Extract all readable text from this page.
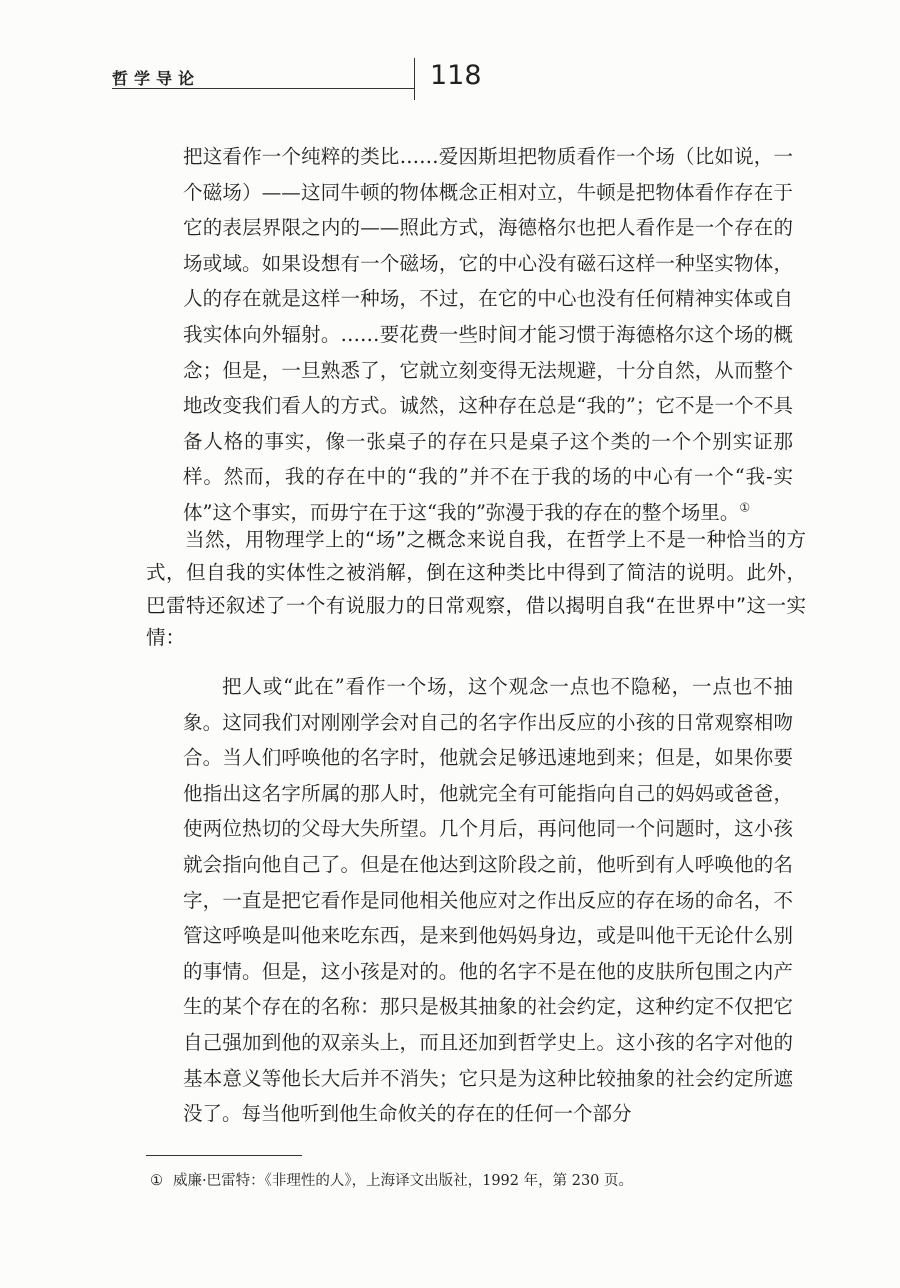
哲学导论	118
把这看作一个纯粹的类比……爱因斯坦把物质看作一个场（比如说，一个磁场）——这同牛顿的物体概念正相对立，牛顿是把物体看作存在于它的表层界限之内的——照此方式，海德格尔也把人看作是一个存在的场或域。如果设想有一个磁场，它的中心没有磁石这样一种坚实物体，人的存在就是这样一种场，不过，在它的中心也没有任何精神实体或自我实体向外辐射。……要花费一些时间才能习惯于海德格尔这个场的概念；但是，一旦熟悉了，它就立刻变得无法规避，十分自然，从而整个地改变我们看人的方式。诚然，这种存在总是“我的”；它不是一个不具备人格的事实，像一张桌子的存在只是桌子这个类的一个个别实证那样。然而，我的存在中的“我的”并不在于我的场的中心有一个“我-实体”这个事实，而毋宁在于这“我的”弥漫于我的存在的整个场里。①
当然，用物理学上的“场”之概念来说自我，在哲学上不是一种恰当的方式，但自我的实体性之被消解，倒在这种类比中得到了简洁的说明。此外，巴雷特还叙述了一个有说服力的日常观察，借以揭明自我“在世界中”这一实情：
把人或“此在”看作一个场，这个观念一点也不隐秘，一点也不抽象。这同我们对刚刚学会对自己的名字作出反应的小孩的日常观察相吻合。当人们呼唤他的名字时，他就会足够迅速地到来；但是，如果你要他指出这名字所属的那人时，他就完全有可能指向自己的妈妈或爸爸，使两位热切的父母大失所望。几个月后，再问他同一个问题时，这小孩就会指向他自己了。但是在他达到这阶段之前，他听到有人呼唤他的名字，一直是把它看作是同他相关他应对之作出反应的存在场的命名，不管这呼唤是叫他来吃东西，是来到他妈妈身边，或是叫他干无论什么别的事情。但是，这小孩是对的。他的名字不是在他的皮肤所包围之内产生的某个存在的名称：那只是极其抽象的社会约定，这种约定不仅把它自己强加到他的双亲头上，而且还加到哲学史上。这小孩的名字对他的基本意义等他长大后并不消失；它只是为这种比较抽象的社会约定所遮没了。每当他听到他生命攸关的存在的任何一个部分
① 威廉·巴雷特：《非理性的人》，上海译文出版社，1992 年，第 230 页。
